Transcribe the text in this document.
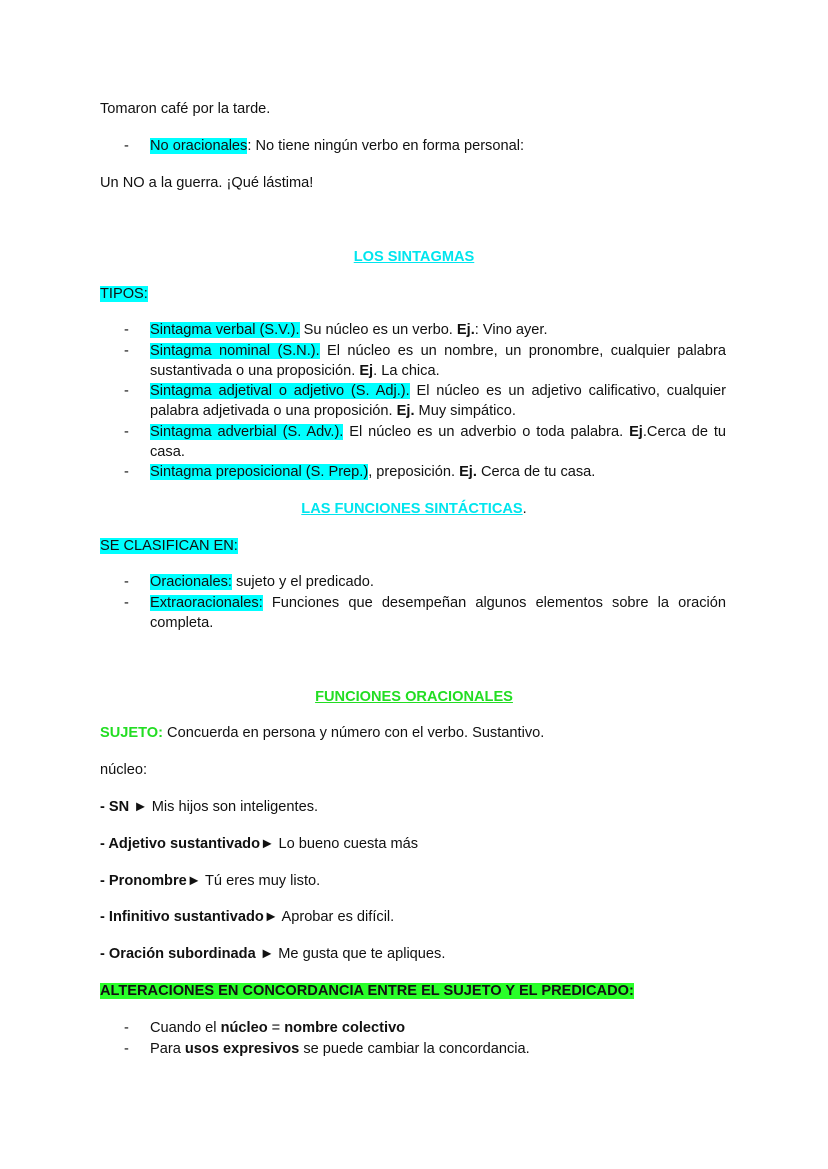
Tomaron café por la tarde.
- No oracionales: No tiene ningún verbo en forma personal:
Un NO a la guerra. ¡Qué lástima!
LOS SINTAGMAS
TIPOS:
- Sintagma verbal (S.V.). Su núcleo es un verbo. Ej.: Vino ayer.
- Sintagma nominal (S.N.). El núcleo es un nombre, un pronombre, cualquier palabra sustantivada o una proposición. Ej. La chica.
- Sintagma adjetival o adjetivo (S. Adj.). El núcleo es un adjetivo calificativo, cualquier palabra adjetivada o una proposición. Ej. Muy simpático.
- Sintagma adverbial (S. Adv.). El núcleo es un adverbio o toda palabra. Ej.Cerca de tu casa.
- Sintagma preposicional (S. Prep.), preposición. Ej. Cerca de tu casa.
LAS FUNCIONES SINTÁCTICAS.
SE CLASIFICAN EN:
- Oracionales: sujeto y el predicado.
- Extraoracionales: Funciones que desempeñan algunos elementos sobre la oración completa.
FUNCIONES ORACIONALES
SUJETO: Concuerda en persona y número con el verbo. Sustantivo.
núcleo:
- SN ► Mis hijos son inteligentes.
- Adjetivo sustantivado► Lo bueno cuesta más
- Pronombre► Tú eres muy listo.
- Infinitivo sustantivado► Aprobar es difícil.
- Oración subordinada ► Me gusta que te apliques.
ALTERACIONES EN CONCORDANCIA ENTRE EL SUJETO Y EL PREDICADO:
- Cuando el núcleo = nombre colectivo
- Para usos expresivos se puede cambiar la concordancia.
